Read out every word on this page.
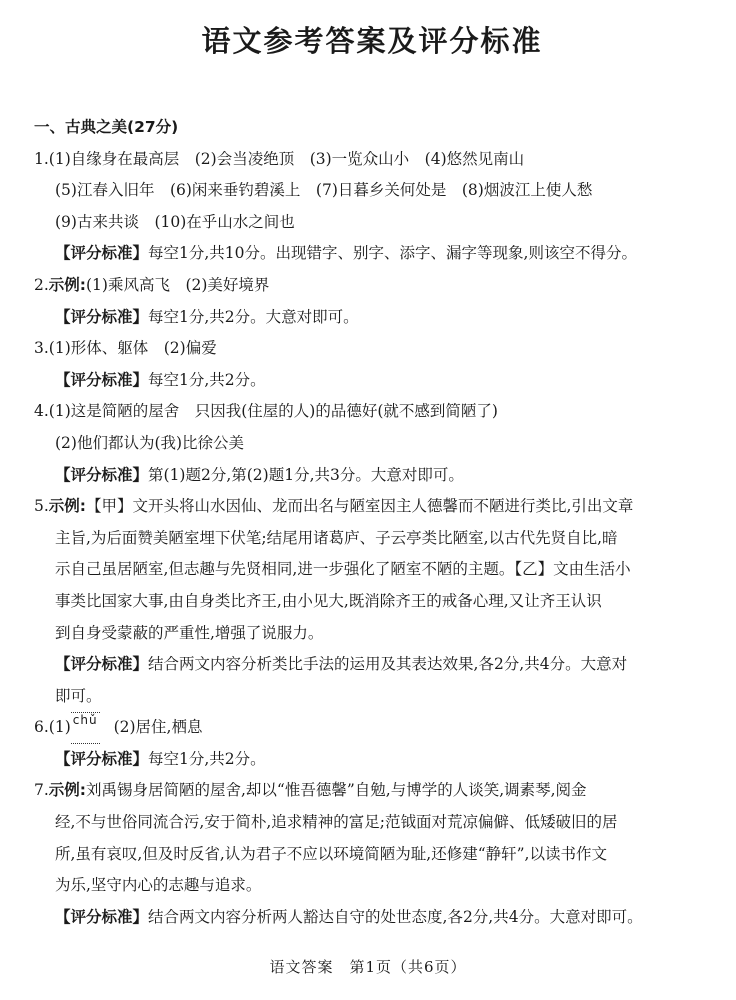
语文参考答案及评分标准
一、古典之美(27分)
1. (1)自缘身在最高层　(2)会当凌绝顶　(3)一览众山小　(4)悠然见南山
(5)江春入旧年　(6)闲来垂钓碧溪上　(7)日暮乡关何处是　(8)烟波江上使人愁
(9)古来共谈　(10)在乎山水之间也
【评分标准】每空1分,共10分。出现错字、别字、添字、漏字等现象,则该空不得分。
2. 示例: (1)乘风高飞　(2)美好境界
【评分标准】每空1分,共2分。大意对即可。
3. (1)形体、躯体　(2)偏爱
【评分标准】每空1分,共2分。
4. (1)这是简陋的屋舍　只因我(住屋的人)的品德好(就不感到简陋了)
(2)他们都认为(我)比徐公美
【评分标准】第(1)题2分,第(2)题1分,共3分。大意对即可。
5. 示例: 【甲】文开头将山水因仙、龙而出名与陋室因主人德馨而不陋进行类比,引出文章
主旨,为后面赞美陋室埋下伏笔;结尾用诸葛庐、子云亭类比陋室,以古代先贤自比,暗
示自己虽居陋室,但志趣与先贤相同,进一步强化了陋室不陋的主题。【乙】文由生活小
事类比国家大事,由自身类比齐王,由小见大,既消除齐王的戒备心理,又让齐王认识
到自身受蒙蔽的严重性,增强了说服力。
【评分标准】结合两文内容分析类比手法的运用及其表达效果,各2分,共4分。大意对
即可。
6. (1) chǔ (2)居住,栖息
【评分标准】每空1分,共2分。
7. 示例: 刘禹锡身居简陋的屋舍,却以“惟吾德馨”自勉,与博学的人谈笑,调素琴,阅金
经,不与世俗同流合污,安于简朴,追求精神的富足;范钺面对荒凉偏僻、低矮破旧的居
所,虽有哀叹,但及时反省,认为君子不应以环境简陋为耻,还修建“静轩”,以读书作文
为乐,坚守内心的志趣与追求。
【评分标准】结合两文内容分析两人豁达自守的处世态度,各2分,共4分。大意对即可。
语文答案　第1页（共6页）
